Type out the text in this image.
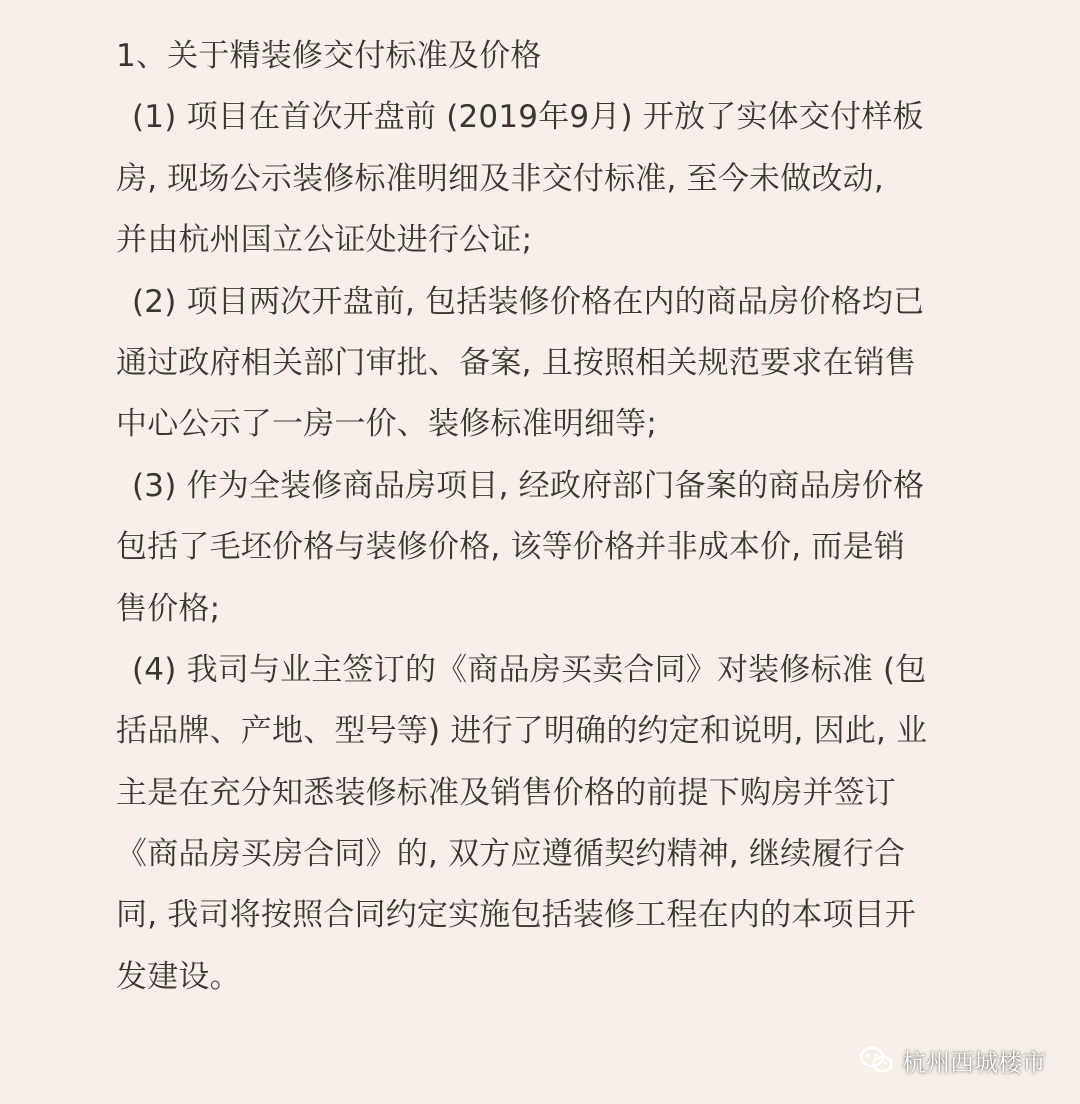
1、关于精装修交付标准及价格
(1) 项目在首次开盘前 (2019年9月) 开放了实体交付样板
房, 现场公示装修标准明细及非交付标准, 至今未做改动,
并由杭州国立公证处进行公证;
(2) 项目两次开盘前, 包括装修价格在内的商品房价格均已
通过政府相关部门审批、备案, 且按照相关规范要求在销售
中心公示了一房一价、装修标准明细等;
(3) 作为全装修商品房项目, 经政府部门备案的商品房价格
包括了毛坯价格与装修价格, 该等价格并非成本价, 而是销
售价格;
(4) 我司与业主签订的《商品房买卖合同》对装修标准 (包
括品牌、产地、型号等) 进行了明确的约定和说明, 因此, 业
主是在充分知悉装修标准及销售价格的前提下购房并签订
《商品房买房合同》的, 双方应遵循契约精神, 继续履行合
同, 我司将按照合同约定实施包括装修工程在内的本项目开
发建设。
杭州西城楼市
